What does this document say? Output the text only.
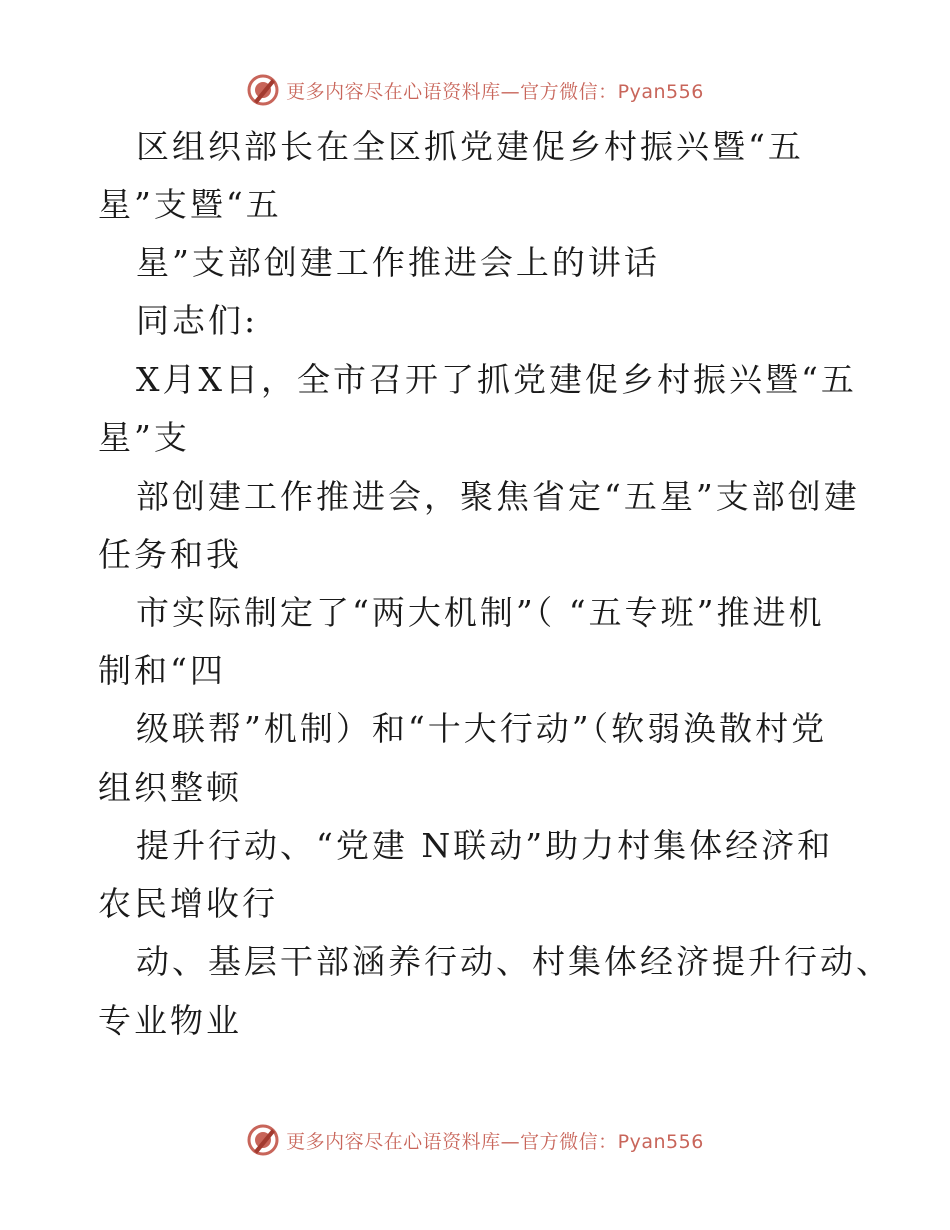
更多内容尽在心语资料库—官方微信：Pyan556
区组织部长在全区抓党建促乡村振兴暨“五
星”支暨“五
星”支部创建工作推进会上的讲话
同志们:
X月X日，全市召开了抓党建促乡村振兴暨“五
星”支
部创建工作推进会，聚焦省定“五星”支部创建
任务和我
市实际制定了“两大机制”（ “五专班”推进机
制和“四
级联帮”机制）和“十大行动”（软弱涣散村党
组织整顿
提升行动、“党建 N联动”助力村集体经济和
农民增收行
动、基层干部涵养行动、村集体经济提升行动、
专业物业
更多内容尽在心语资料库—官方微信：Pyan556
